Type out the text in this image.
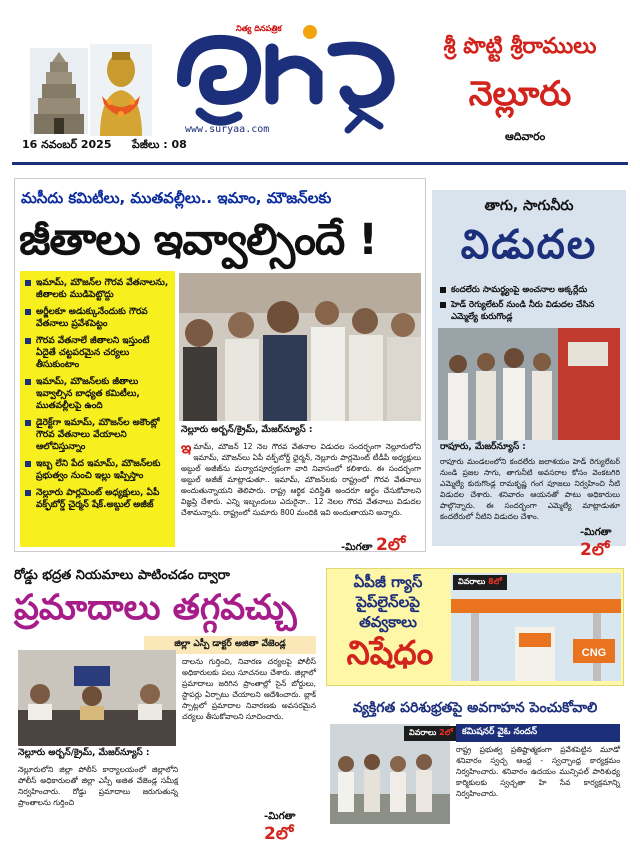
నిత్య దినపత్రిక
www.suryaa.com
శ్రీ పొట్టి శ్రీరాములు
నెల్లూరు
16 నవంబర్ 2025 పేజీలు : 08
ఆదివారం
మసీదు కమిటీలు, ముతవల్లీలు.. ఇమాం, మౌజన్‌లకు
జీతాలు ఇవ్వాల్సిందే !
ఇమామ్, మౌజన్‌ల గౌరవ వేతనాలను, జీతాలకు ముడిపెట్టొద్దు
అర్జీలకూ అడుక్కునేందుకు గౌరవ వేతనాలు ప్రవేశపెట్టం
గౌరవ వేతనాలే జీతాలని ఇస్తుంటే ఏదైతే చట్టపరమైన చర్యలు తీసుకుంటాం
ఇమామ్, మౌజన్‌లకు జీతాలు ఇవ్వాల్సిన బాధ్యత కమిటీలు, ముతవల్లీలపై ఉంది
డైరెక్ట్‌గా ఇమామ్, మౌజన్‌ల అకౌంట్లో గౌరవ వేతనాలు వేయాలని ఆలోచిస్తున్నాం
ఇబ్బ లేని పేద ఇమామ్, మౌజన్‌లకు ప్రభుత్వం నుంచి ఇల్లు ఇప్పిస్తాం
నెల్లూరు పార్లమెంట్ అధ్యక్షులు, ఏపీ వక్ఫ్‌బోర్డ్ చైర్మన్ షేక్.అబ్దుల్ అజీజ్
నెల్లూరు అర్బన్/క్రైమ్, మేజర్‌న్యూస్ :

ఇమామ్, మౌజన్‌ 12 నెల గౌరవ వేతనాల విడుదల సందర్భంగా నెల్లూరులోని ఇమామ్, మౌజన్‌లు ఏపీ వక్ఫ్‌బోర్డ్ ఛైర్మన్, నెల్లూరు పార్లమెంట్ టీడీపీ అధ్యక్షులు అబ్దుల్ అజీజ్‌ను మర్యాదపూర్వకంగా వారి నివాసంలో కలిశారు. ఈ సందర్భంగా అబ్దుల్ అజీజ్ మాట్లాడుతూ.. ఇమామ్, మౌజన్‌లకు రాష్ట్రంలో గౌరవ వేతనాలు అందుతున్నాయని తెలిపారు. రాష్ట్ర ఆర్థిక పరిస్థితి అందరూ అర్థం చేసుకోవాలని విజ్ఞప్తి చేశారు. ఎన్ని ఇబ్బందులు ఎదురైనా.. 12 నెలల గౌరవ వేతనాలు విడుదల చేశామన్నారు. రాష్ట్రంలో సుమారు 800 మందికి ఇవి అందుతాయని అన్నారు.

-మిగతా 2లో
తాగు, సాగునీరు
విడుదల
కందలేరు సామర్థ్యంపై అంచనాల అక్కర్లేదు
హెడ్ రెగ్యులేటర్ నుండి నీరు విడుదల చేసిన ఎమ్మెల్యే కురుగొండ్ల
రాపూరు, మేజర్‌న్యూస్ :

రాపూరు మండలంలోని కందలేరు జలాశయం హెడ్ రెగ్యులేటర్ నుండి ప్రజల సాగు, తాగునీటి అవసరాల కోసం వెంకటగిరి ఎమ్మెల్యే కురుగొండ్ల రామకృష్ణ గంగ పూజలు నిర్వహించి నీటి విడుదల చేశారు. శనివారం ఆయనతో పాటు అధికారులు పాల్గొన్నారు. ఈ సందర్భంగా ఎమ్మెల్యే మాట్లాడుతూ కందలేరులో నీటిని విడుదల చేశాం.

-మిగతా 2లో
రోడ్డు భద్రత నియమాలు పాటించడం ద్వారా
ప్రమాదాలు తగ్గవచ్చు
జిల్లా ఎస్పీ డాక్టర్ అజితా వేజెండ్ల
నెల్లూరు అర్బన్/క్రైమ్, మేజర్‌న్యూస్ :

దాలను గుర్తించి, నివారణ చర్యలపై పోలీస్ అధికారులకు పలు సూచనలు చేశారు. జిల్లాలో ప్రమాదాలు జరిగిన ప్రాంతాల్లో సైన్ బోర్డులు, స్టాపర్లు ఏర్పాటు చేయాలని ఆదేశించారు. బ్లాక్ స్పాట్లలో ప్రమాదాల నివారణకు అవసరమైన చర్యలు తీసుకోవాలని సూచించారు.

నెల్లూరులోని జిల్లా పోలీస్ కార్యాలయంలో జిల్లాలోని పోలీస్ అధికారులతో జిల్లా ఎస్పీ అజిత వేజెండ్ల సమీక్ష నిర్వహించారు. రోడ్డు ప్రమాదాలు జరుగుతున్న ప్రాంతాలను గుర్తించి

-మిగతా 2లో
ఏపీజీ గ్యాస్
పైప్‌లైన్‌లపై
తవ్వకాలు
నిషేధం	CNG
వివరాలు 8లో
వ్యక్తిగత పరిశుభ్రతపై అవగాహన పెంచుకోవాలి
వివరాలు 2లో	కమిషనర్ వైఓ నందన్

రాష్ట్ర ప్రభుత్వ ప్రతిష్టాత్మకంగా ప్రవేశపెట్టిన మూడో శనివారం స్వచ్ఛ ఆంధ్ర - స్వచ్ఛాంధ్ర కార్యక్రమం నిర్వహించారు. శనివారం ఉదయం మున్సిపల్ పారిశుధ్య కార్మికులకు స్వచ్ఛతా హి సేవ కార్యక్రమాన్ని నిర్వహించారు.
